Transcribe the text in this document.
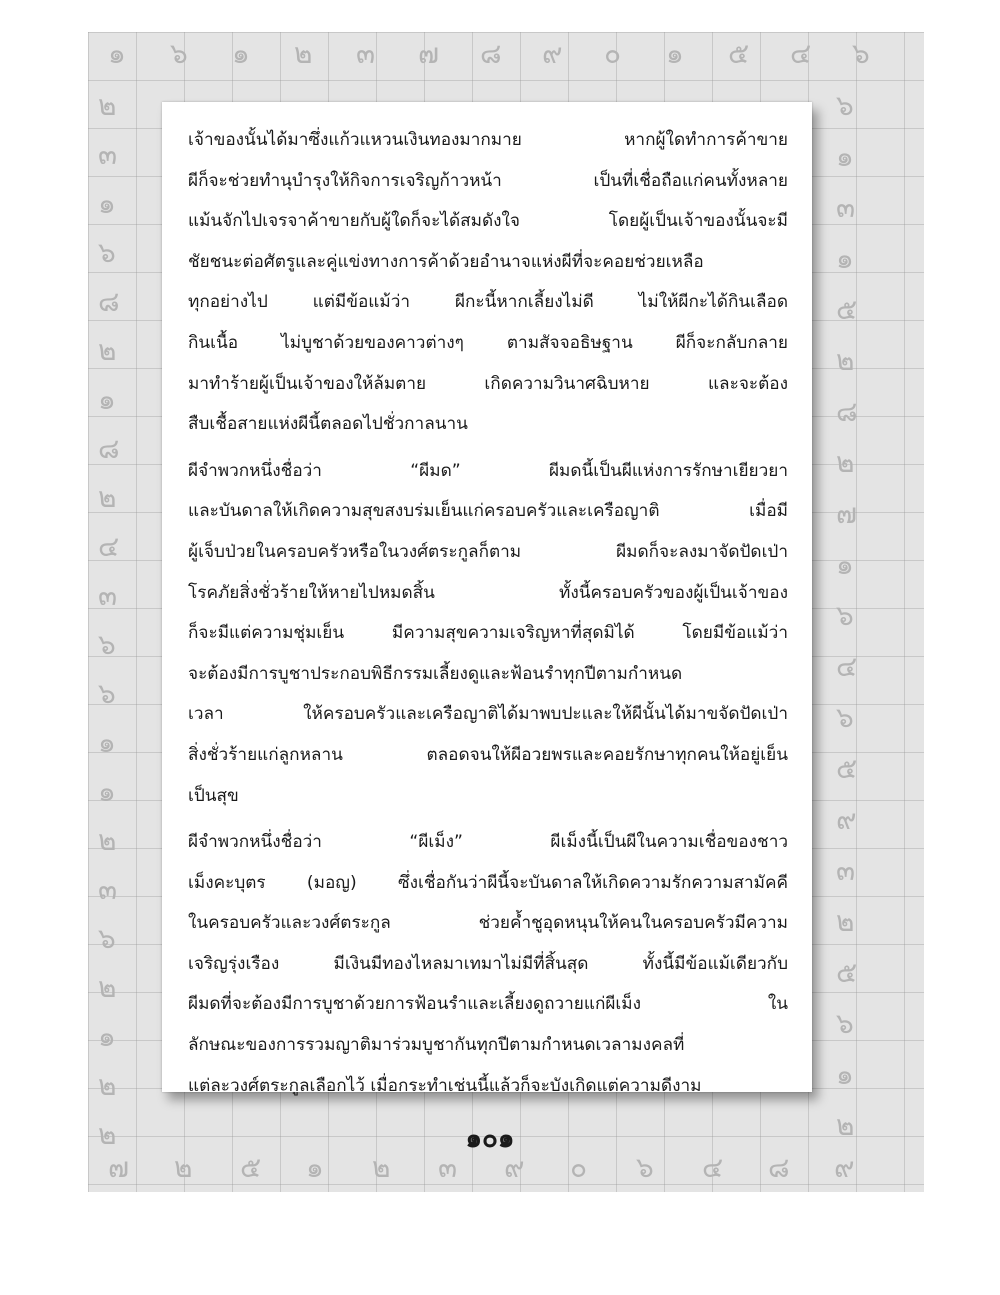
๑ ๖ ๑ ๒ ๓ ๗ ๘ ๙ ๐ ๑ ๕ ๔ ๖
๗ ๒ ๕ ๑ ๒ ๓ ๙ ๐ ๖ ๔ ๘ ๙
๒
๓
๑
๖
๘
๒
๑
๘
๒
๔
๓
๖
๖
๑
๑
๒
๓
๖
๒
๑
๒
๒
๖
๑
๓
๑
๕
๒
๘
๒
๗
๑
๖
๔
๖
๕
๙
๓
๒
๕
๖
๑
๒
เจ้าของนั้นได้มาซึ่งแก้วแหวนเงินทองมากมาย หากผู้ใดทำการค้าขาย
ผีก็จะช่วยทำนุบำรุงให้กิจการเจริญก้าวหน้า เป็นที่เชื่อถือแก่คนทั้งหลาย
แม้นจักไปเจรจาค้าขายกับผู้ใดก็จะได้สมดังใจ โดยผู้เป็นเจ้าของนั้นจะมี
ชัยชนะต่อศัตรูและคู่แข่งทางการค้าด้วยอำนาจแห่งผีที่จะคอยช่วยเหลือ
ทุกอย่างไป แต่มีข้อแม้ว่า ผีกะนี้หากเลี้ยงไม่ดี ไม่ให้ผีกะได้กินเลือด
กินเนื้อ ไม่บูชาด้วยของคาวต่างๆ ตามสัจจอธิษฐาน ผีก็จะกลับกลาย
มาทำร้ายผู้เป็นเจ้าของให้ล้มตาย เกิดความวินาศฉิบหาย และจะต้อง
สืบเชื้อสายแห่งผีนี้ตลอดไปชั่วกาลนาน
ผีจำพวกหนึ่งชื่อว่า “ผีมด” ผีมดนี้เป็นผีแห่งการรักษาเยียวยา
และบันดาลให้เกิดความสุขสงบร่มเย็นแก่ครอบครัวและเครือญาติ เมื่อมี
ผู้เจ็บป่วยในครอบครัวหรือในวงศ์ตระกูลก็ตาม ผีมดก็จะลงมาจัดปัดเป่า
โรคภัยสิ่งชั่วร้ายให้หายไปหมดสิ้น ทั้งนี้ครอบครัวของผู้เป็นเจ้าของ
ก็จะมีแต่ความชุ่มเย็น มีความสุขความเจริญหาที่สุดมิได้ โดยมีข้อแม้ว่า
จะต้องมีการบูชาประกอบพิธีกรรมเลี้ยงดูและฟ้อนรำทุกปีตามกำหนด
เวลา ให้ครอบครัวและเครือญาติได้มาพบปะและให้ผีนั้นได้มาขจัดปัดเป่า
สิ่งชั่วร้ายแก่ลูกหลาน ตลอดจนให้ผีอวยพรและคอยรักษาทุกคนให้อยู่เย็น
เป็นสุข
ผีจำพวกหนึ่งชื่อว่า “ผีเม็ง” ผีเม็งนี้เป็นผีในความเชื่อของชาว
เม็งคะบุตร (มอญ) ซึ่งเชื่อกันว่าผีนี้จะบันดาลให้เกิดความรักความสามัคคี
ในครอบครัวและวงศ์ตระกูล ช่วยค้ำชูอุดหนุนให้คนในครอบครัวมีความ
เจริญรุ่งเรือง มีเงินมีทองไหลมาเทมาไม่มีที่สิ้นสุด ทั้งนี้มีข้อแม้เดียวกับ
ผีมดที่จะต้องมีการบูชาด้วยการฟ้อนรำและเลี้ยงดูถวายแก่ผีเม็ง ใน
ลักษณะของการรวมญาติมาร่วมบูชากันทุกปีตามกำหนดเวลามงคลที่
แต่ละวงศ์ตระกูลเลือกไว้ เมื่อกระทำเช่นนี้แล้วก็จะบังเกิดแต่ความดีงาม
๑๐๑
